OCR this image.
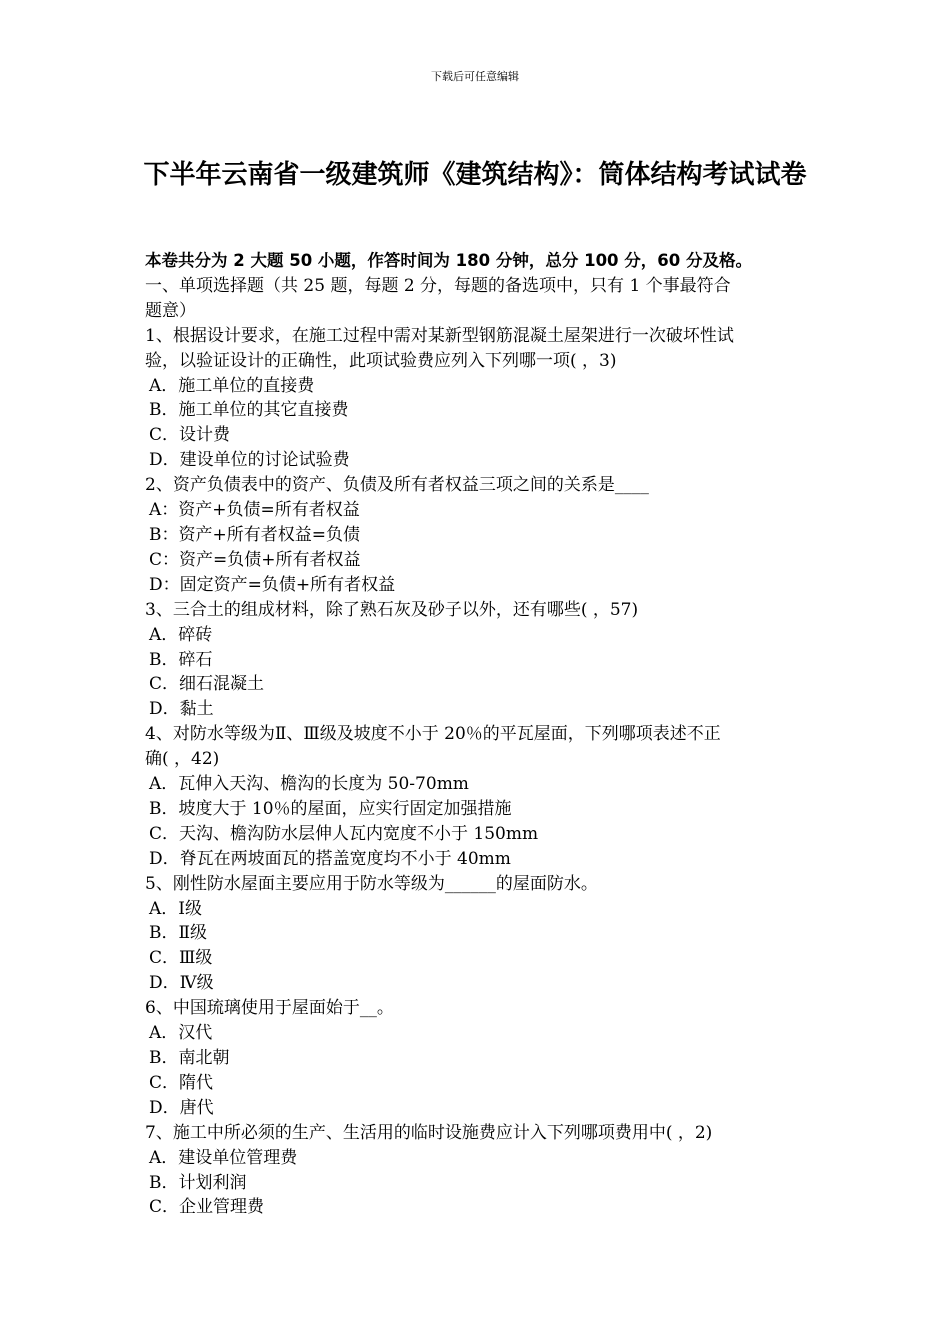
下载后可任意编辑
下半年云南省一级建筑师《建筑结构》：筒体结构考试试卷
本卷共分为 2 大题 50 小题，作答时间为 180 分钟，总分 100 分，60 分及格。
一、单项选择题（共 25 题，每题 2 分，每题的备选项中，只有 1 个事最符合
题意）
1、根据设计要求，在施工过程中需对某新型钢筋混凝土屋架进行一次破坏性试
验，以验证设计的正确性，此项试验费应列入下列哪一项( ，3)
A．施工单位的直接费
B．施工单位的其它直接费
C．设计费
D．建设单位的讨论试验费
2、资产负债表中的资产、负债及所有者权益三项之间的关系是____
A：资产+负债=所有者权益
B：资产+所有者权益=负债
C：资产=负债+所有者权益
D：固定资产=负债+所有者权益
3、三合土的组成材料，除了熟石灰及砂子以外，还有哪些( ，57)
A．碎砖
B．碎石
C．细石混凝土
D．黏土
4、对防水等级为Ⅱ、Ⅲ级及坡度不小于 20％的平瓦屋面，下列哪项表述不正
确( ，42)
A．瓦伸入天沟、檐沟的长度为 50-70mm
B．坡度大于 10％的屋面，应实行固定加强措施
C．天沟、檐沟防水层伸人瓦内宽度不小于 150mm
D．脊瓦在两坡面瓦的搭盖宽度均不小于 40mm
5、刚性防水屋面主要应用于防水等级为______的屋面防水。
A．Ⅰ级
B．Ⅱ级
C．Ⅲ级
D．Ⅳ级
6、中国琉璃使用于屋面始于__。
A．汉代
B．南北朝
C．隋代
D．唐代
7、施工中所必须的生产、生活用的临时设施费应计入下列哪项费用中( ，2)
A．建设单位管理费
B．计划利润
C．企业管理费
